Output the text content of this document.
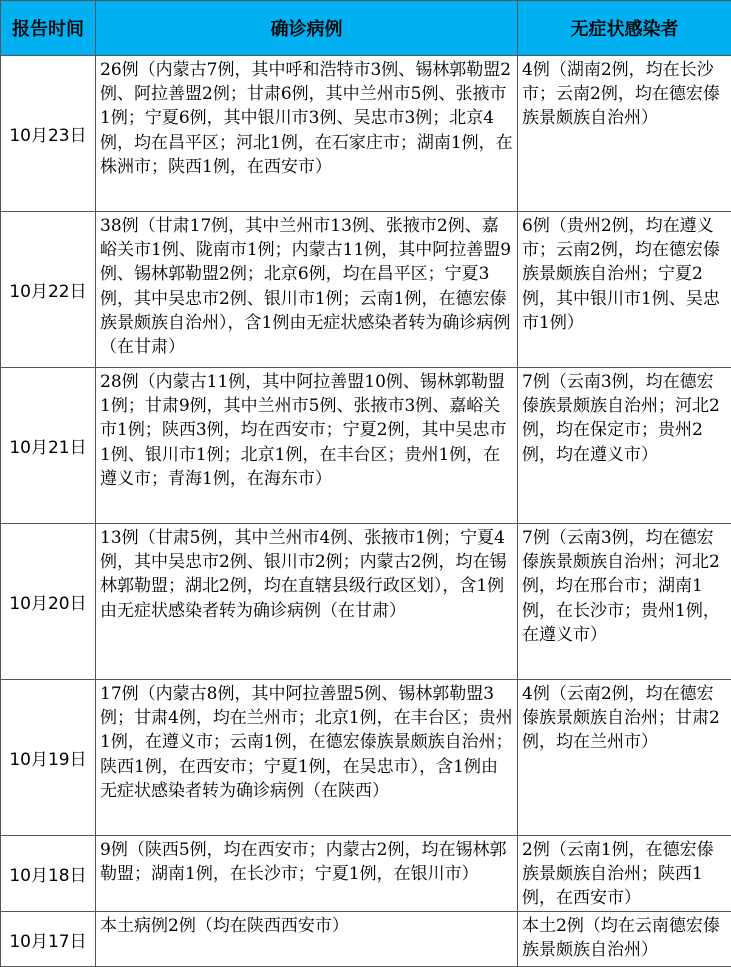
报告时间	确诊病例	无症状感染者
10月23日	26例（内蒙古7例，其中呼和浩特市3例、锡林郭勒盟2例、阿拉善盟2例；甘肃6例，其中兰州市5例、张掖市1例；宁夏6例，其中银川市3例、吴忠市3例；北京4例，均在昌平区；河北1例，在石家庄市；湖南1例，在株洲市；陕西1例，在西安市）	4例（湖南2例，均在长沙市；云南2例，均在德宏傣族景颇族自治州）
10月22日	38例（甘肃17例，其中兰州市13例、张掖市2例、嘉峪关市1例、陇南市1例；内蒙古11例，其中阿拉善盟9例、锡林郭勒盟2例；北京6例，均在昌平区；宁夏3例，其中吴忠市2例、银川市1例；云南1例，在德宏傣族景颇族自治州），含1例由无症状感染者转为确诊病例（在甘肃）	6例（贵州2例，均在遵义市；云南2例，均在德宏傣族景颇族自治州；宁夏2例，其中银川市1例、吴忠市1例）
10月21日	28例（内蒙古11例，其中阿拉善盟10例、锡林郭勒盟1例；甘肃9例，其中兰州市5例、张掖市3例、嘉峪关市1例；陕西3例，均在西安市；宁夏2例，其中吴忠市1例、银川市1例；北京1例，在丰台区；贵州1例，在遵义市；青海1例，在海东市）	7例（云南3例，均在德宏傣族景颇族自治州；河北2例，均在保定市；贵州2例，均在遵义市）
10月20日	13例（甘肃5例，其中兰州市4例、张掖市1例；宁夏4例，其中吴忠市2例、银川市2例；内蒙古2例，均在锡林郭勒盟；湖北2例，均在直辖县级行政区划），含1例由无症状感染者转为确诊病例（在甘肃）	7例（云南3例，均在德宏傣族景颇族自治州；河北2例，均在邢台市；湖南1例，在长沙市；贵州1例，在遵义市）
10月19日	17例（内蒙古8例，其中阿拉善盟5例、锡林郭勒盟3例；甘肃4例，均在兰州市；北京1例，在丰台区；贵州1例，在遵义市；云南1例，在德宏傣族景颇族自治州；陕西1例，在西安市；宁夏1例，在吴忠市），含1例由无症状感染者转为确诊病例（在陕西）	4例（云南2例，均在德宏傣族景颇族自治州；甘肃2例，均在兰州市）
10月18日	9例（陕西5例，均在西安市；内蒙古2例，均在锡林郭勒盟；湖南1例，在长沙市；宁夏1例，在银川市）	2例（云南1例，在德宏傣族景颇族自治州；陕西1例，在西安市）
10月17日	本土病例2例（均在陕西西安市）	本土2例（均在云南德宏傣族景颇族自治州）
